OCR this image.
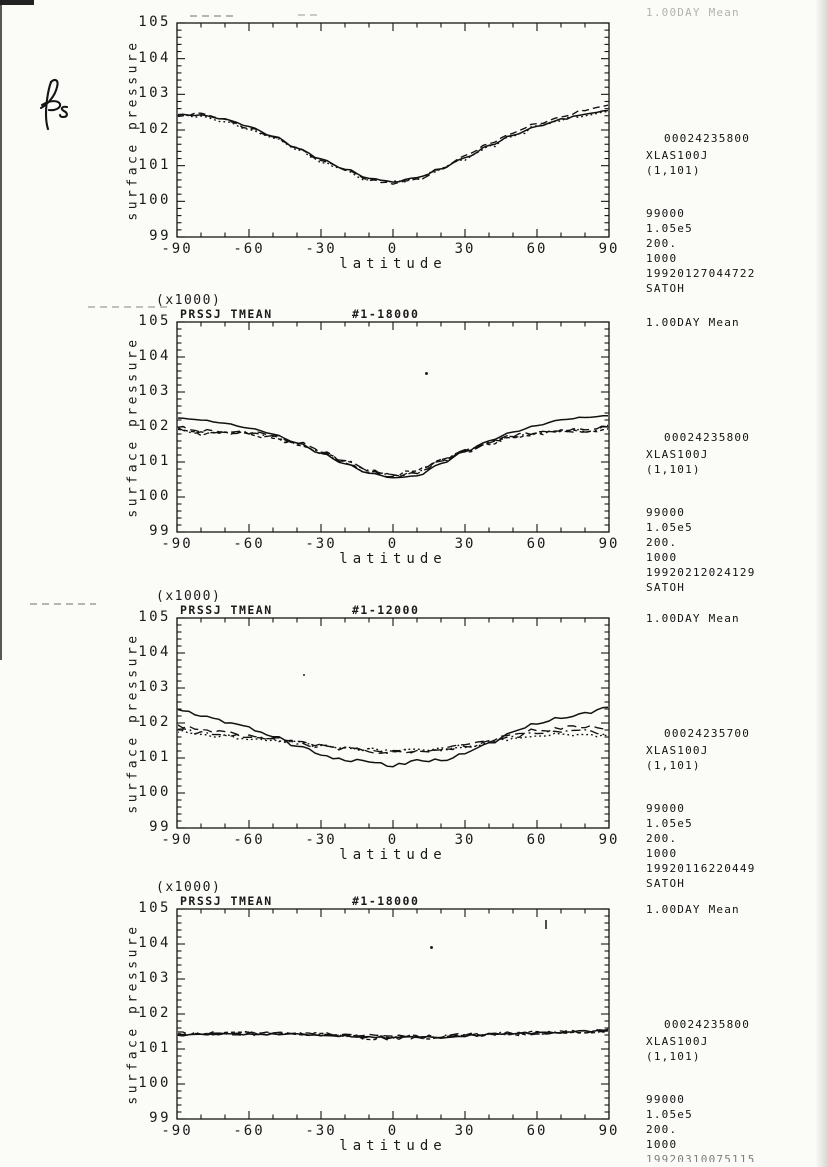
surface pressure
latitude
-90	-60	-30	0	30	60	90
105
104
103
102
101
100
99
1.00DAY Mean
00024235800
XLAS100J
(1,101)
99000
1.05e5
200.
1000
19920127044722
SATOH
(x1000)
PRSSJ TMEAN	#1-18000
surface pressure
latitude
-90	-60	-30	0	30	60	90
105
104
103
102
101
100
99
1.00DAY Mean
00024235800
XLAS100J
(1,101)
99000
1.05e5
200.
1000
19920212024129
SATOH
(x1000)
PRSSJ TMEAN	#1-12000
surface pressure
latitude
-90	-60	-30	0	30	60	90
105
104
103
102
101
100
99
1.00DAY Mean
00024235700
XLAS100J
(1,101)
99000
1.05e5
200.
1000
19920116220449
SATOH
(x1000)
PRSSJ TMEAN	#1-18000
surface pressure
latitude
-90	-60	-30	0	30	60	90
105
104
103
102
101
100
99
1.00DAY Mean
00024235800
XLAS100J
(1,101)
99000
1.05e5
200.
1000
19920310075115
